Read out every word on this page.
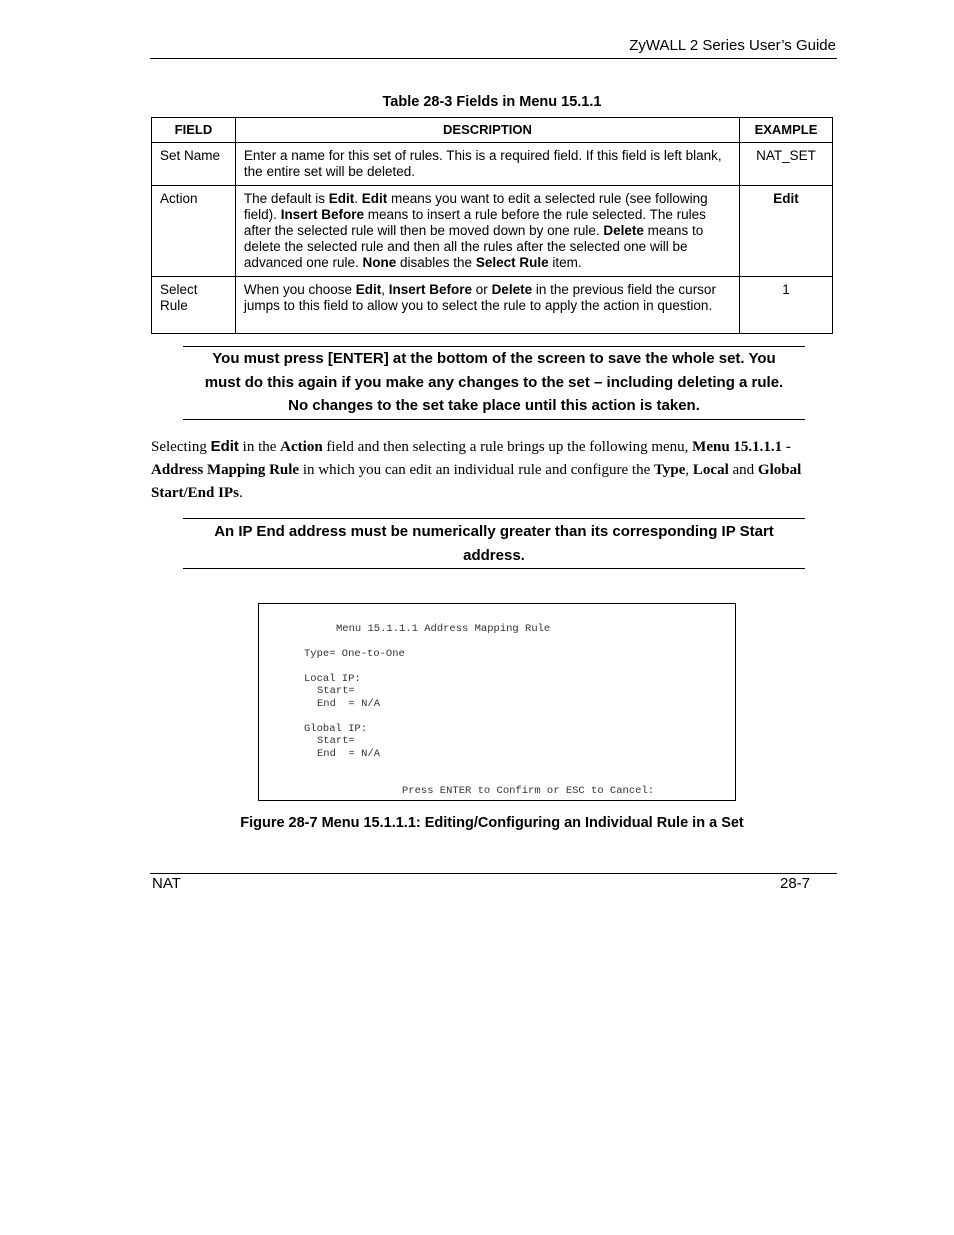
ZyWALL 2 Series User’s Guide
Table 28-3 Fields in Menu 15.1.1
FIELD	DESCRIPTION	EXAMPLE
Set Name	Enter a name for this set of rules. This is a required field. If this field is left blank, the entire set will be deleted.	NAT_SET
Action	The default is Edit. Edit means you want to edit a selected rule (see following field). Insert Before means to insert a rule before the rule selected. The rules after the selected rule will then be moved down by one rule. Delete means to delete the selected rule and then all the rules after the selected one will be advanced one rule. None disables the Select Rule item.	Edit
Select Rule	When you choose Edit, Insert Before or Delete in the previous field the cursor jumps to this field to allow you to select the rule to apply the action in question.	1
You must press [ENTER] at the bottom of the screen to save the whole set. You
must do this again if you make any changes to the set – including deleting a rule.
No changes to the set take place until this action is taken.
Selecting Edit in the Action field and then selecting a rule brings up the following menu, Menu 15.1.1.1 - Address Mapping Rule in which you can edit an individual rule and configure the Type, Local and Global Start/End IPs.
An IP End address must be numerically greater than its corresponding IP Start
address.
Menu 15.1.1.1 Address Mapping Rule
Type= One-to-One
Local IP:
Start=
End  = N/A
Global IP:
Start=
End  = N/A
Press ENTER to Confirm or ESC to Cancel:
Figure 28-7 Menu 15.1.1.1: Editing/Configuring an Individual Rule in a Set
NAT	28-7
